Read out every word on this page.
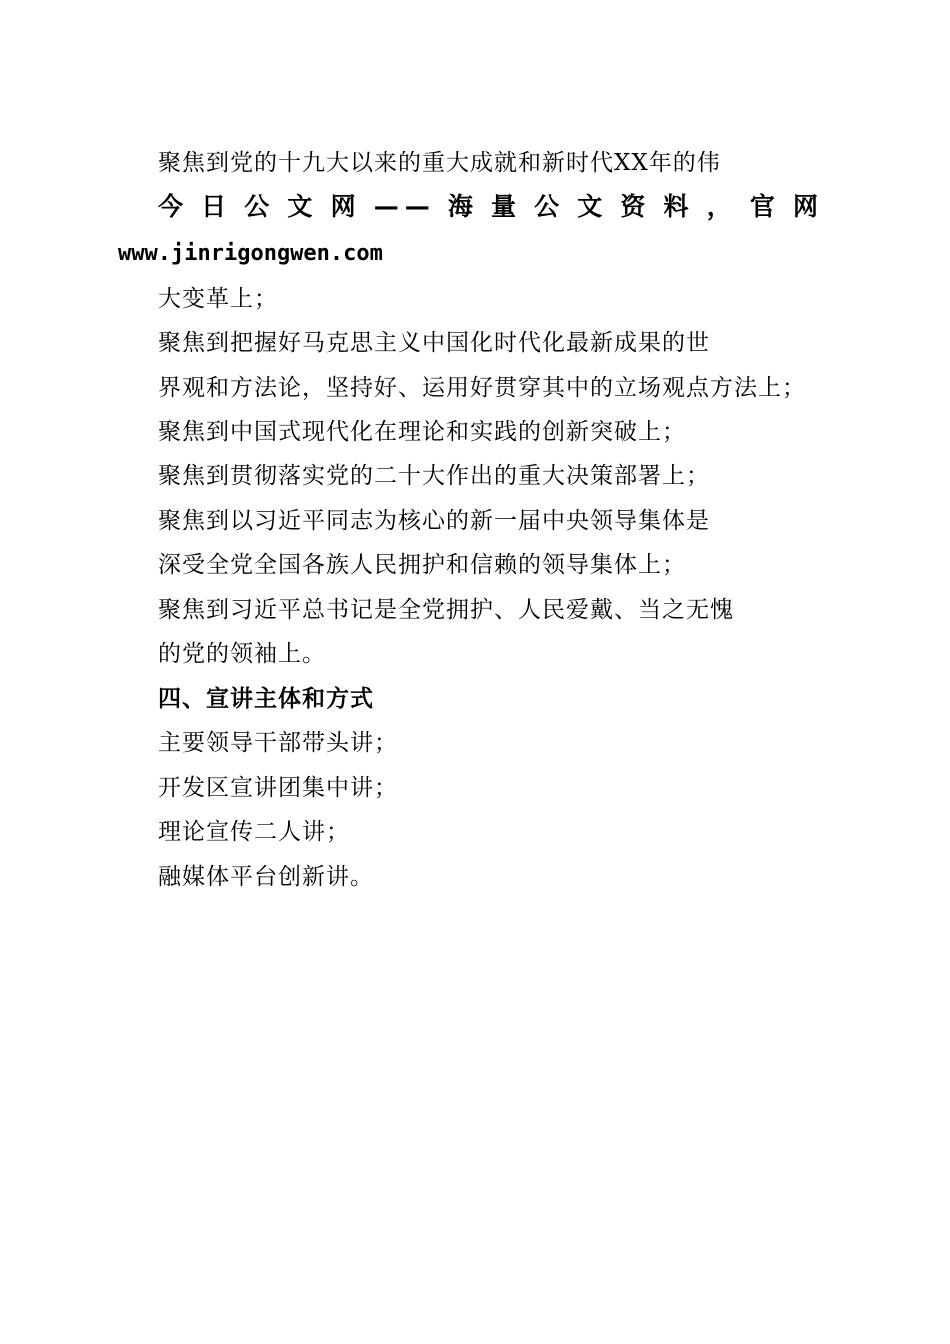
聚焦到党的十九大以来的重大成就和新时代XX年的伟
今日公文网——海量公文资料，官网
www.jinrigongwen.com
大变革上；
聚焦到把握好马克思主义中国化时代化最新成果的世
界观和方法论，坚持好、运用好贯穿其中的立场观点方法上；
聚焦到中国式现代化在理论和实践的创新突破上；
聚焦到贯彻落实党的二十大作出的重大决策部署上；
聚焦到以习近平同志为核心的新一届中央领导集体是
深受全党全国各族人民拥护和信赖的领导集体上；
聚焦到习近平总书记是全党拥护、人民爱戴、当之无愧
的党的领袖上。
四、宣讲主体和方式
主要领导干部带头讲；
开发区宣讲团集中讲；
理论宣传二人讲；
融媒体平台创新讲。
